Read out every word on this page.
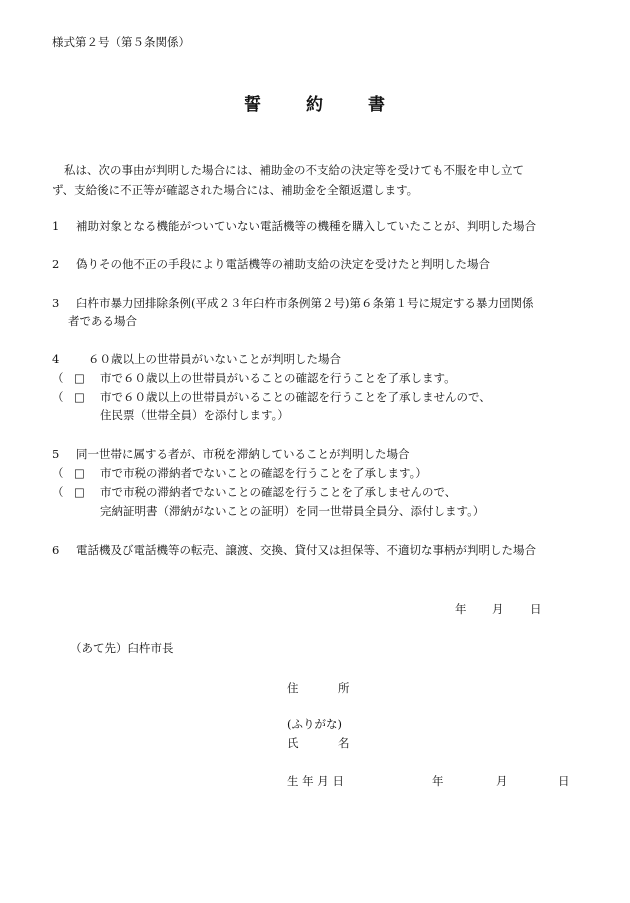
様式第２号（第５条関係）
誓	約	書

私は、次の事由が判明した場合には、補助金の不支給の決定等を受けても不服を申し立て

ず、支給後に不正等が確認された場合には、補助金を全額返還します。

1 補助対象となる機能がついていない電話機等の機種を購入していたことが、判明した場合
2 偽りその他不正の手段により電話機等の補助支給の決定を受けたと判明した場合
3 臼杵市暴力団排除条例(平成２３年臼杵市条例第２号)第６条第１号に規定する暴力団関係
者である場合
4 ６０歳以上の世帯員がいないことが判明した場合
（ □ 市で６０歳以上の世帯員がいることの確認を行うことを了承します。
（ □ 市で６０歳以上の世帯員がいることの確認を行うことを了承しませんので、
住民票（世帯全員）を添付します。）
5 同一世帯に属する者が、市税を滞納していることが判明した場合
（ □ 市で市税の滞納者でないことの確認を行うことを了承します。）
（ □ 市で市税の滞納者でないことの確認を行うことを了承しませんので、
完納証明書（滞納がないことの証明）を同一世帯員全員分、添付します。）
6 電話機及び電話機等の転売、譲渡、交換、貸付又は担保等、不適切な事柄が判明した場合
年 月 日
（あて先）臼杵市長
住	所
(ふりがな)
氏	名
生 年 月 日	年	月	日
